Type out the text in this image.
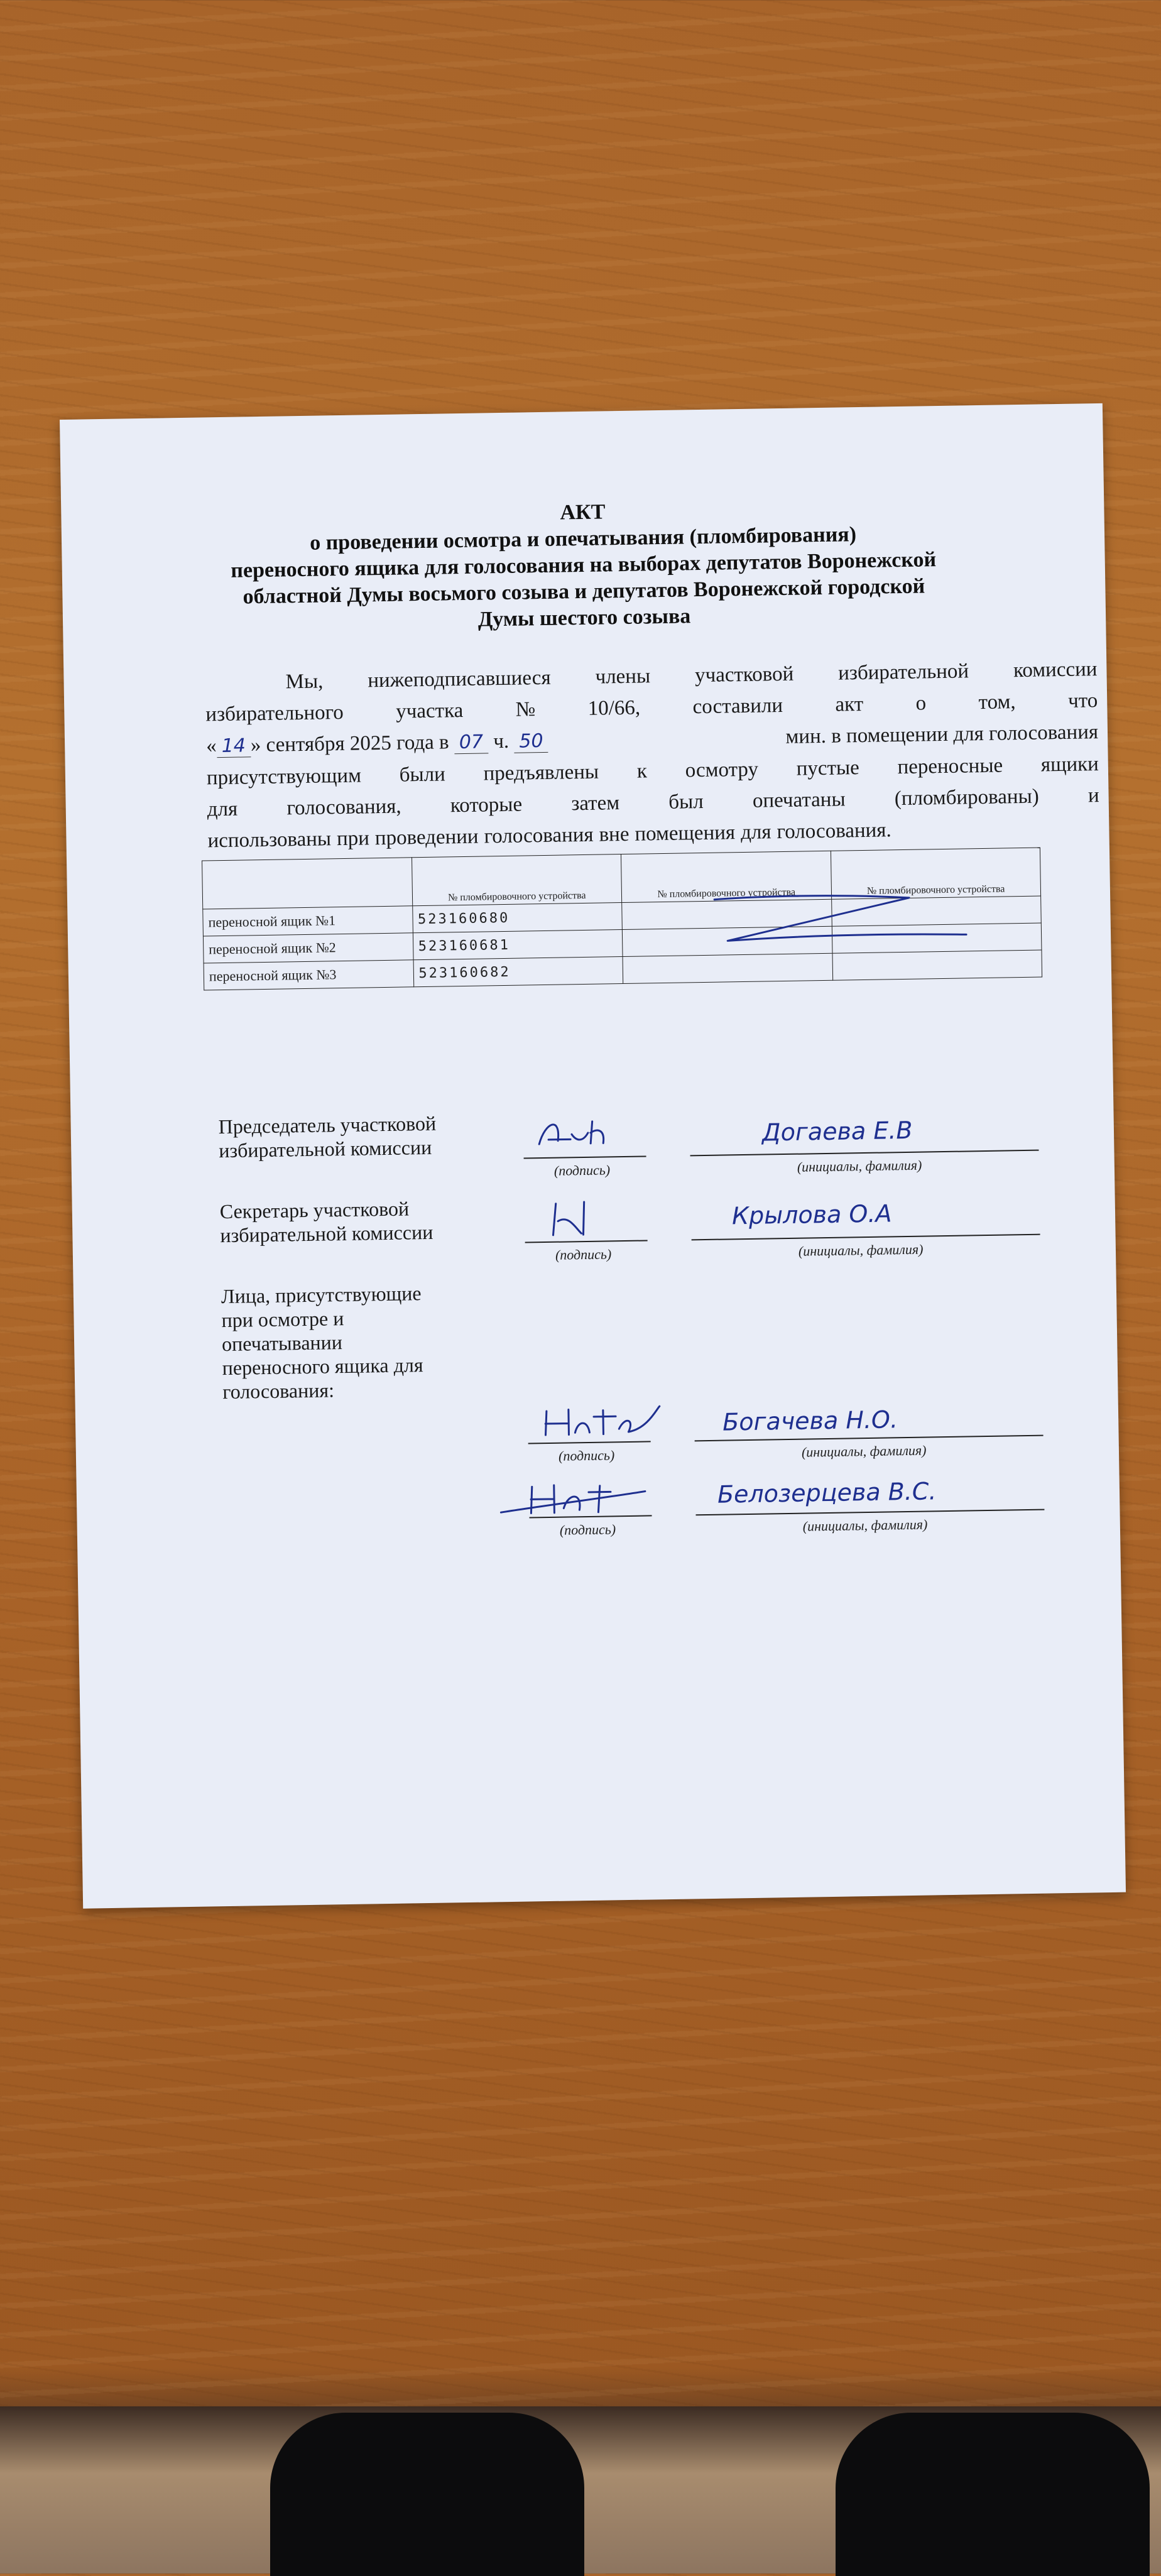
АКТ
о проведении осмотра и опечатывания (пломбирования)
переносного ящика для голосования на выборах депутатов Воронежской
областной Думы восьмого созыва и депутатов Воронежской городской
Думы шестого созыва
Мы, нижеподписавшиеся члены участковой избирательной комиссии
избирательного	участка	№	10/66,	составили	акт	о	том,	что
« 14 » сентября 2025 года в 07 ч. 50	мин. в помещении для голосования
присутствующим были предъявлены к осмотру пустые переносные ящики
для голосования, которые затем был опечатаны (пломбированы) и
использованы при проведении голосования вне помещения для голосования.
	№ пломбировочного устройства	№ пломбировочного устройства	№ пломбировочного устройства
переносной ящик №1	523160680		
переносной ящик №2	523160681		
переносной ящик №3	523160682		
Председатель участковой
избирательной комиссии
(подпись)
Догаева Е.В
(инициалы, фамилия)
Секретарь участковой
избирательной комиссии
(подпись)
Крылова О.А
(инициалы, фамилия)
Лица, присутствующие
при осмотре и
опечатывании
переносного ящика для
голосования:
(подпись)
Богачева Н.О.
(инициалы, фамилия)
(подпись)
Белозерцева В.С.
(инициалы, фамилия)
